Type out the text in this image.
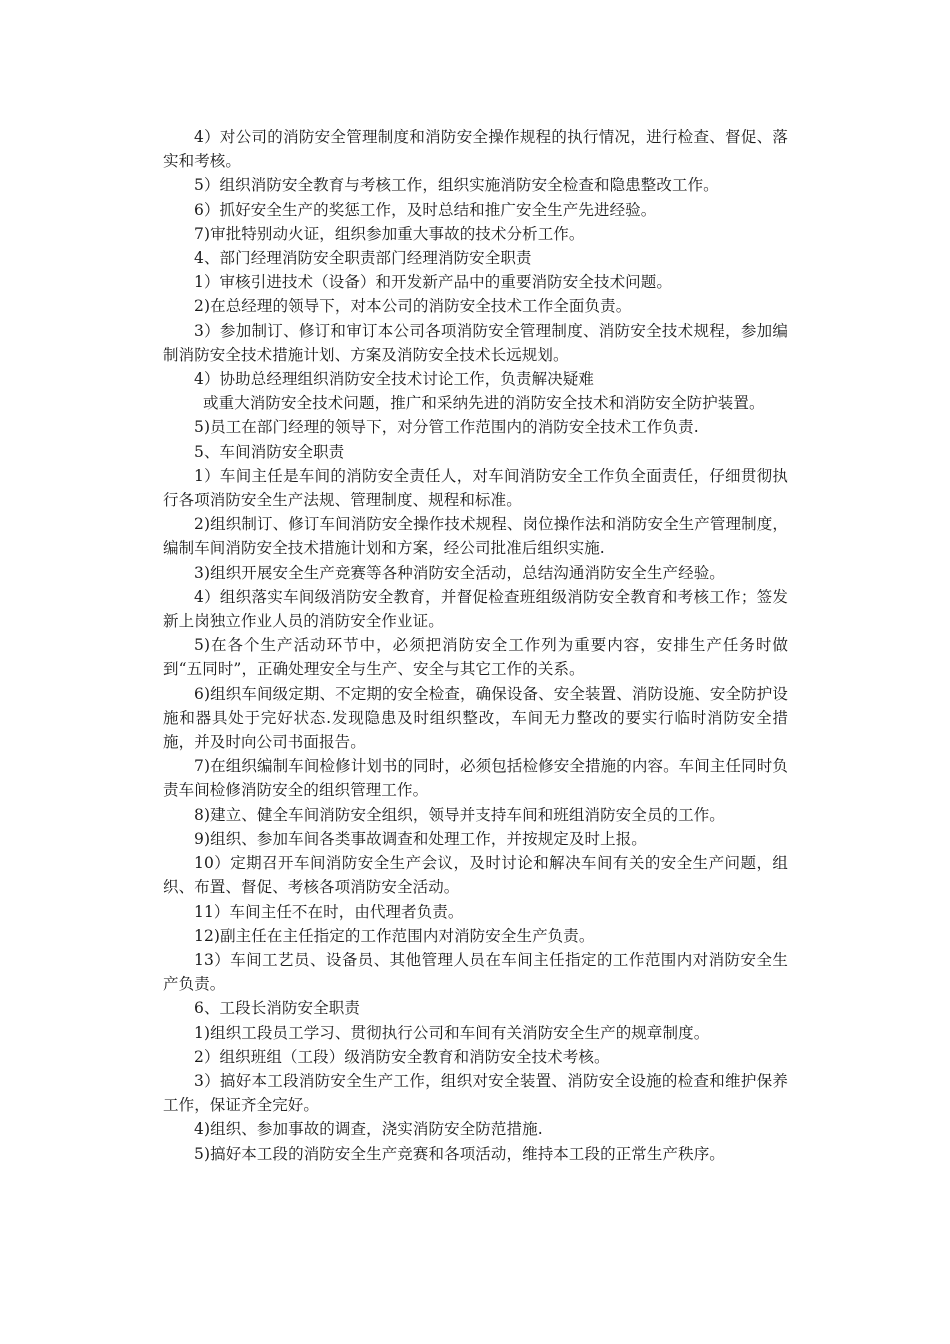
4）对公司的消防安全管理制度和消防安全操作规程的执行情况，进行检查、督促、落实和考核。

5）组织消防安全教育与考核工作，组织实施消防安全检查和隐患整改工作。

6）抓好安全生产的奖惩工作，及时总结和推广安全生产先进经验。

7)审批特别动火证，组织参加重大事故的技术分析工作。

4、部门经理消防安全职责部门经理消防安全职责

1）审核引进技术（设备）和开发新产品中的重要消防安全技术问题。

2)在总经理的领导下，对本公司的消防安全技术工作全面负责。

3）参加制订、修订和审订本公司各项消防安全管理制度、消防安全技术规程，参加编制消防安全技术措施计划、方案及消防安全技术长远规划。

4）协助总经理组织消防安全技术讨论工作，负责解决疑难

或重大消防安全技术问题，推广和采纳先进的消防安全技术和消防安全防护装置。

5)员工在部门经理的领导下，对分管工作范围内的消防安全技术工作负责.

5、车间消防安全职责

1）车间主任是车间的消防安全责任人，对车间消防安全工作负全面责任，仔细贯彻执行各项消防安全生产法规、管理制度、规程和标准。

2)组织制订、修订车间消防安全操作技术规程、岗位操作法和消防安全生产管理制度，编制车间消防安全技术措施计划和方案，经公司批准后组织实施.

3)组织开展安全生产竞赛等各种消防安全活动，总结沟通消防安全生产经验。

4）组织落实车间级消防安全教育，并督促检查班组级消防安全教育和考核工作；签发新上岗独立作业人员的消防安全作业证。

5)在各个生产活动环节中，必须把消防安全工作列为重要内容，安排生产任务时做到“五同时”，正确处理安全与生产、安全与其它工作的关系。

6)组织车间级定期、不定期的安全检查，确保设备、安全装置、消防设施、安全防护设施和器具处于完好状态.发现隐患及时组织整改，车间无力整改的要实行临时消防安全措施，并及时向公司书面报告。

7)在组织编制车间检修计划书的同时，必须包括检修安全措施的内容。车间主任同时负责车间检修消防安全的组织管理工作。

8)建立、健全车间消防安全组织，领导并支持车间和班组消防安全员的工作。

9)组织、参加车间各类事故调查和处理工作，并按规定及时上报。

10）定期召开车间消防安全生产会议，及时讨论和解决车间有关的安全生产问题，组织、布置、督促、考核各项消防安全活动。

11）车间主任不在时，由代理者负责。

12)副主任在主任指定的工作范围内对消防安全生产负责。

13）车间工艺员、设备员、其他管理人员在车间主任指定的工作范围内对消防安全生产负责。

6、工段长消防安全职责

1)组织工段员工学习、贯彻执行公司和车间有关消防安全生产的规章制度。

2）组织班组（工段）级消防安全教育和消防安全技术考核。

3）搞好本工段消防安全生产工作，组织对安全装置、消防安全设施的检查和维护保养工作，保证齐全完好。

4)组织、参加事故的调查，浇实消防安全防范措施.

5)搞好本工段的消防安全生产竞赛和各项活动，维持本工段的正常生产秩序。
